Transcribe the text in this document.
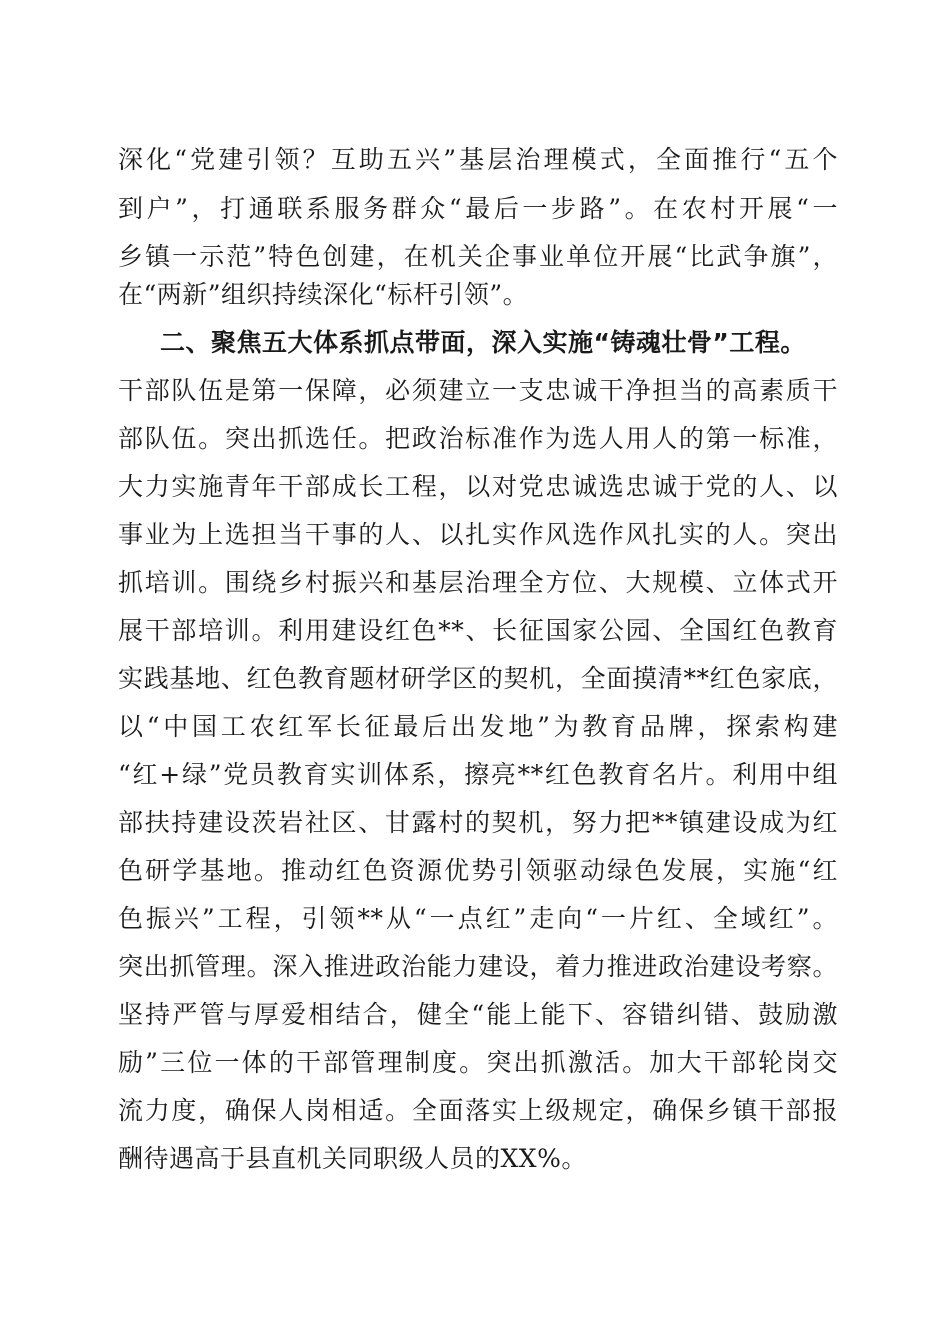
深化“党建引领？互助五兴”基层治理模式，全面推行“五个
到户”，打通联系服务群众“最后一步路”。在农村开展“一
乡镇一示范”特色创建，在机关企事业单位开展“比武争旗”，
在“两新”组织持续深化“标杆引领”。
二、聚焦五大体系抓点带面，深入实施“铸魂壮骨”工程。
干部队伍是第一保障，必须建立一支忠诚干净担当的高素质干
部队伍。突出抓选任。把政治标准作为选人用人的第一标准，
大力实施青年干部成长工程，以对党忠诚选忠诚于党的人、以
事业为上选担当干事的人、以扎实作风选作风扎实的人。突出
抓培训。围绕乡村振兴和基层治理全方位、大规模、立体式开
展干部培训。利用建设红色**、长征国家公园、全国红色教育
实践基地、红色教育题材研学区的契机，全面摸清**红色家底，
以“中国工农红军长征最后出发地”为教育品牌，探索构建
“红+绿”党员教育实训体系，擦亮**红色教育名片。利用中组
部扶持建设茨岩社区、甘露村的契机，努力把**镇建设成为红
色研学基地。推动红色资源优势引领驱动绿色发展，实施“红
色振兴”工程，引领**从“一点红”走向“一片红、全域红”。
突出抓管理。深入推进政治能力建设，着力推进政治建设考察。
坚持严管与厚爱相结合，健全“能上能下、容错纠错、鼓励激
励”三位一体的干部管理制度。突出抓激活。加大干部轮岗交
流力度，确保人岗相适。全面落实上级规定，确保乡镇干部报
酬待遇高于县直机关同职级人员的XX%。
